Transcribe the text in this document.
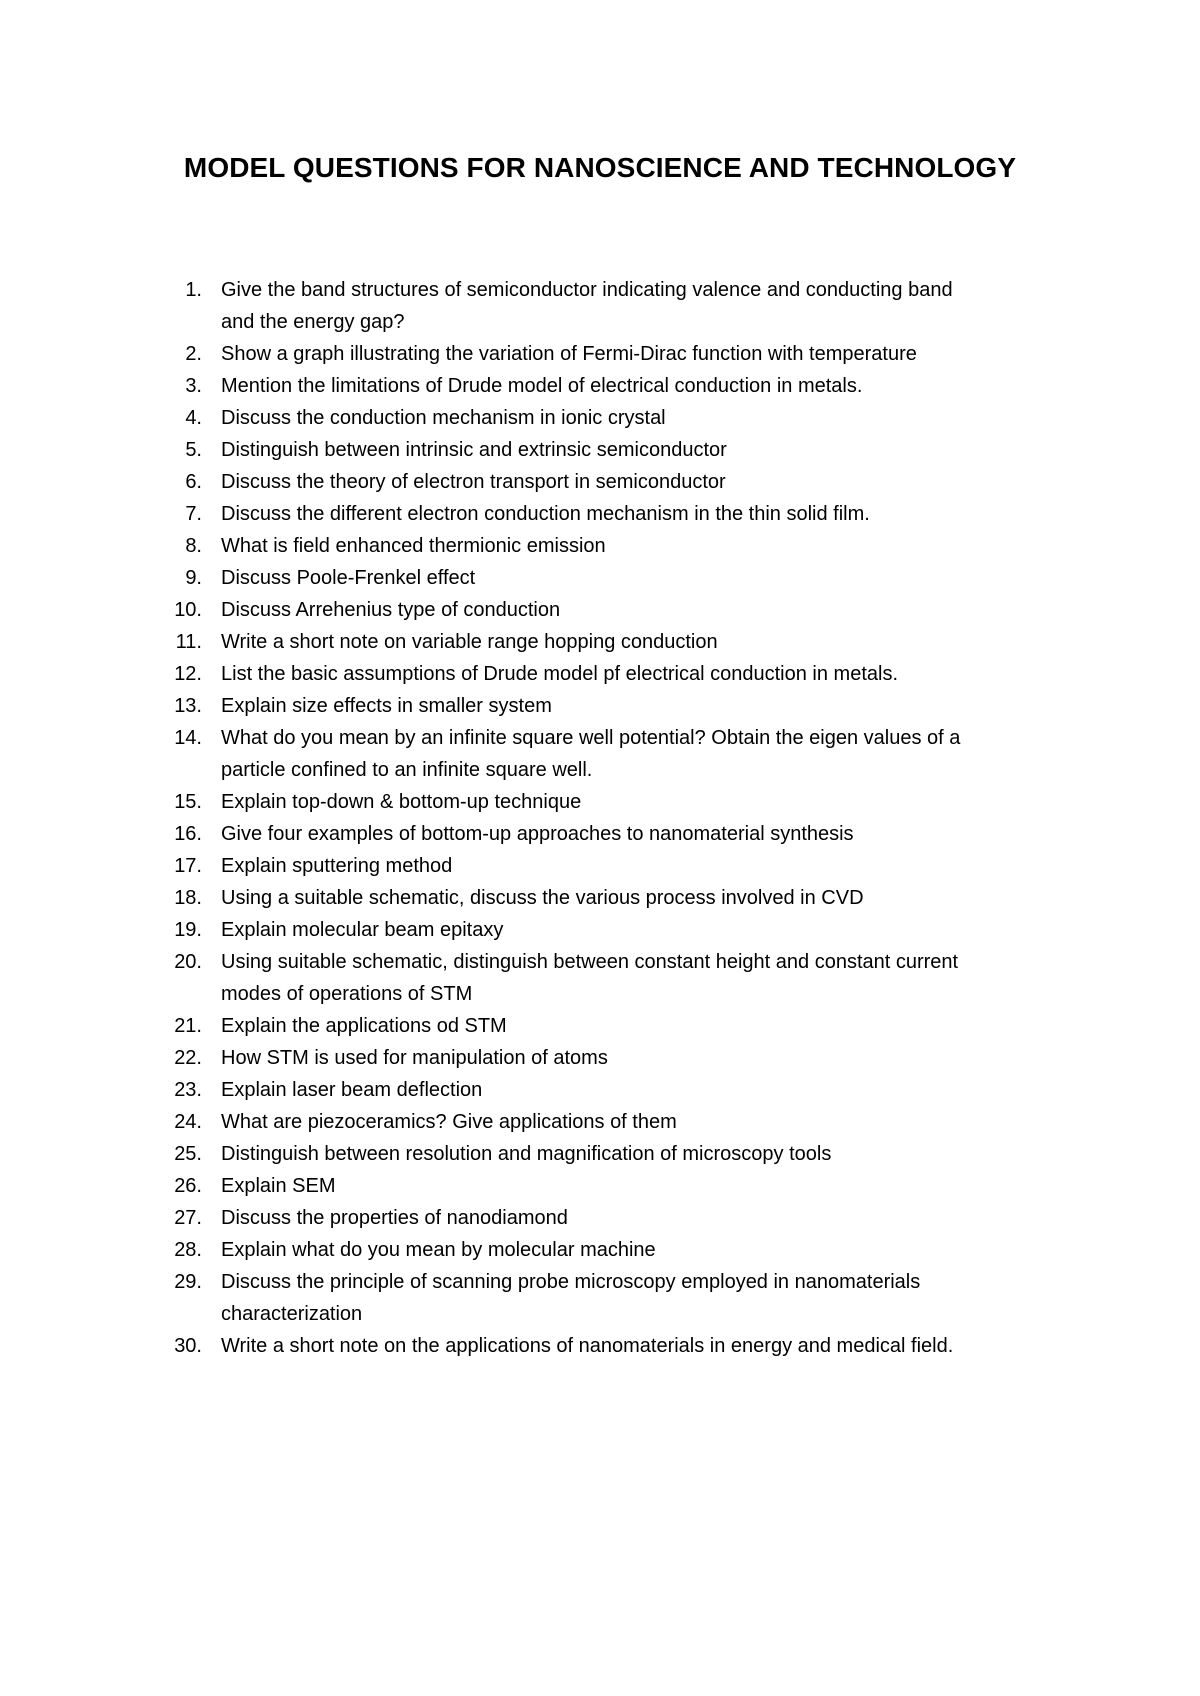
MODEL QUESTIONS FOR NANOSCIENCE AND TECHNOLOGY
1. Give the band structures of semiconductor indicating valence and conducting band
and the energy gap?
2. Show a graph illustrating the variation of Fermi-Dirac function with temperature
3. Mention the limitations of Drude model of electrical conduction in metals.
4. Discuss the conduction mechanism in ionic crystal
5. Distinguish between intrinsic and extrinsic semiconductor
6. Discuss the theory of electron transport in semiconductor
7. Discuss the different electron conduction mechanism in the thin solid film.
8. What is field enhanced thermionic emission
9. Discuss Poole-Frenkel effect
10. Discuss Arrehenius type of conduction
11. Write a short note on variable range hopping conduction
12. List the basic assumptions of Drude model pf electrical conduction in metals.
13. Explain size effects in smaller system
14. What do you mean by an infinite square well potential? Obtain the eigen values of a
particle confined to an infinite square well.
15. Explain top-down & bottom-up technique
16. Give four examples of bottom-up approaches to nanomaterial synthesis
17. Explain sputtering method
18. Using a suitable schematic, discuss the various process involved in CVD
19. Explain molecular beam epitaxy
20. Using suitable schematic, distinguish between constant height and constant current
modes of operations of STM
21. Explain the applications od STM
22. How STM is used for manipulation of atoms
23. Explain laser beam deflection
24. What are piezoceramics? Give applications of them
25. Distinguish between resolution and magnification of microscopy tools
26. Explain SEM
27. Discuss the properties of nanodiamond
28. Explain what do you mean by molecular machine
29. Discuss the principle of scanning probe microscopy employed in nanomaterials
characterization
30. Write a short note on the applications of nanomaterials in energy and medical field.
